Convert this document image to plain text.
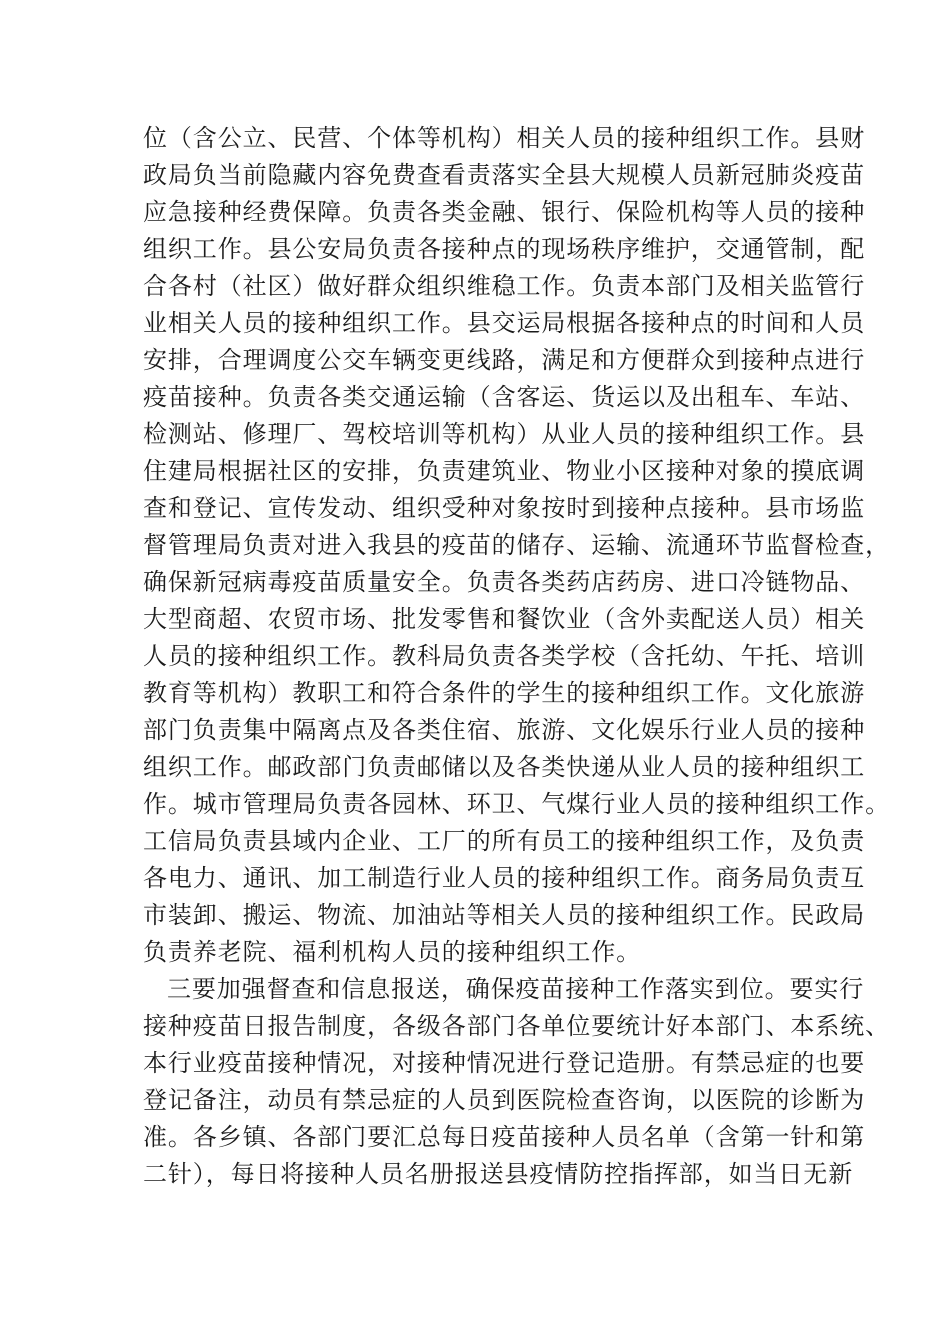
位（含公立、民营、个体等机构）相关人员的接种组织工作。县财
政局负当前隐藏内容免费查看责落实全县大规模人员新冠肺炎疫苗
应急接种经费保障。负责各类金融、银行、保险机构等人员的接种
组织工作。县公安局负责各接种点的现场秩序维护，交通管制，配
合各村（社区）做好群众组织维稳工作。负责本部门及相关监管行
业相关人员的接种组织工作。县交运局根据各接种点的时间和人员
安排，合理调度公交车辆变更线路，满足和方便群众到接种点进行
疫苗接种。负责各类交通运输（含客运、货运以及出租车、车站、
检测站、修理厂、驾校培训等机构）从业人员的接种组织工作。县
住建局根据社区的安排，负责建筑业、物业小区接种对象的摸底调
查和登记、宣传发动、组织受种对象按时到接种点接种。县市场监
督管理局负责对进入我县的疫苗的储存、运输、流通环节监督检查，
确保新冠病毒疫苗质量安全。负责各类药店药房、进口冷链物品、
大型商超、农贸市场、批发零售和餐饮业（含外卖配送人员）相关
人员的接种组织工作。教科局负责各类学校（含托幼、午托、培训
教育等机构）教职工和符合条件的学生的接种组织工作。文化旅游
部门负责集中隔离点及各类住宿、旅游、文化娱乐行业人员的接种
组织工作。邮政部门负责邮储以及各类快递从业人员的接种组织工
作。城市管理局负责各园林、环卫、气煤行业人员的接种组织工作。
工信局负责县域内企业、工厂的所有员工的接种组织工作，及负责
各电力、通讯、加工制造行业人员的接种组织工作。商务局负责互
市装卸、搬运、物流、加油站等相关人员的接种组织工作。民政局
负责养老院、福利机构人员的接种组织工作。
三要加强督查和信息报送，确保疫苗接种工作落实到位。要实行
接种疫苗日报告制度，各级各部门各单位要统计好本部门、本系统、
本行业疫苗接种情况，对接种情况进行登记造册。有禁忌症的也要
登记备注，动员有禁忌症的人员到医院检查咨询，以医院的诊断为
准。各乡镇、各部门要汇总每日疫苗接种人员名单（含第一针和第
二针），每日将接种人员名册报送县疫情防控指挥部，如当日无新
